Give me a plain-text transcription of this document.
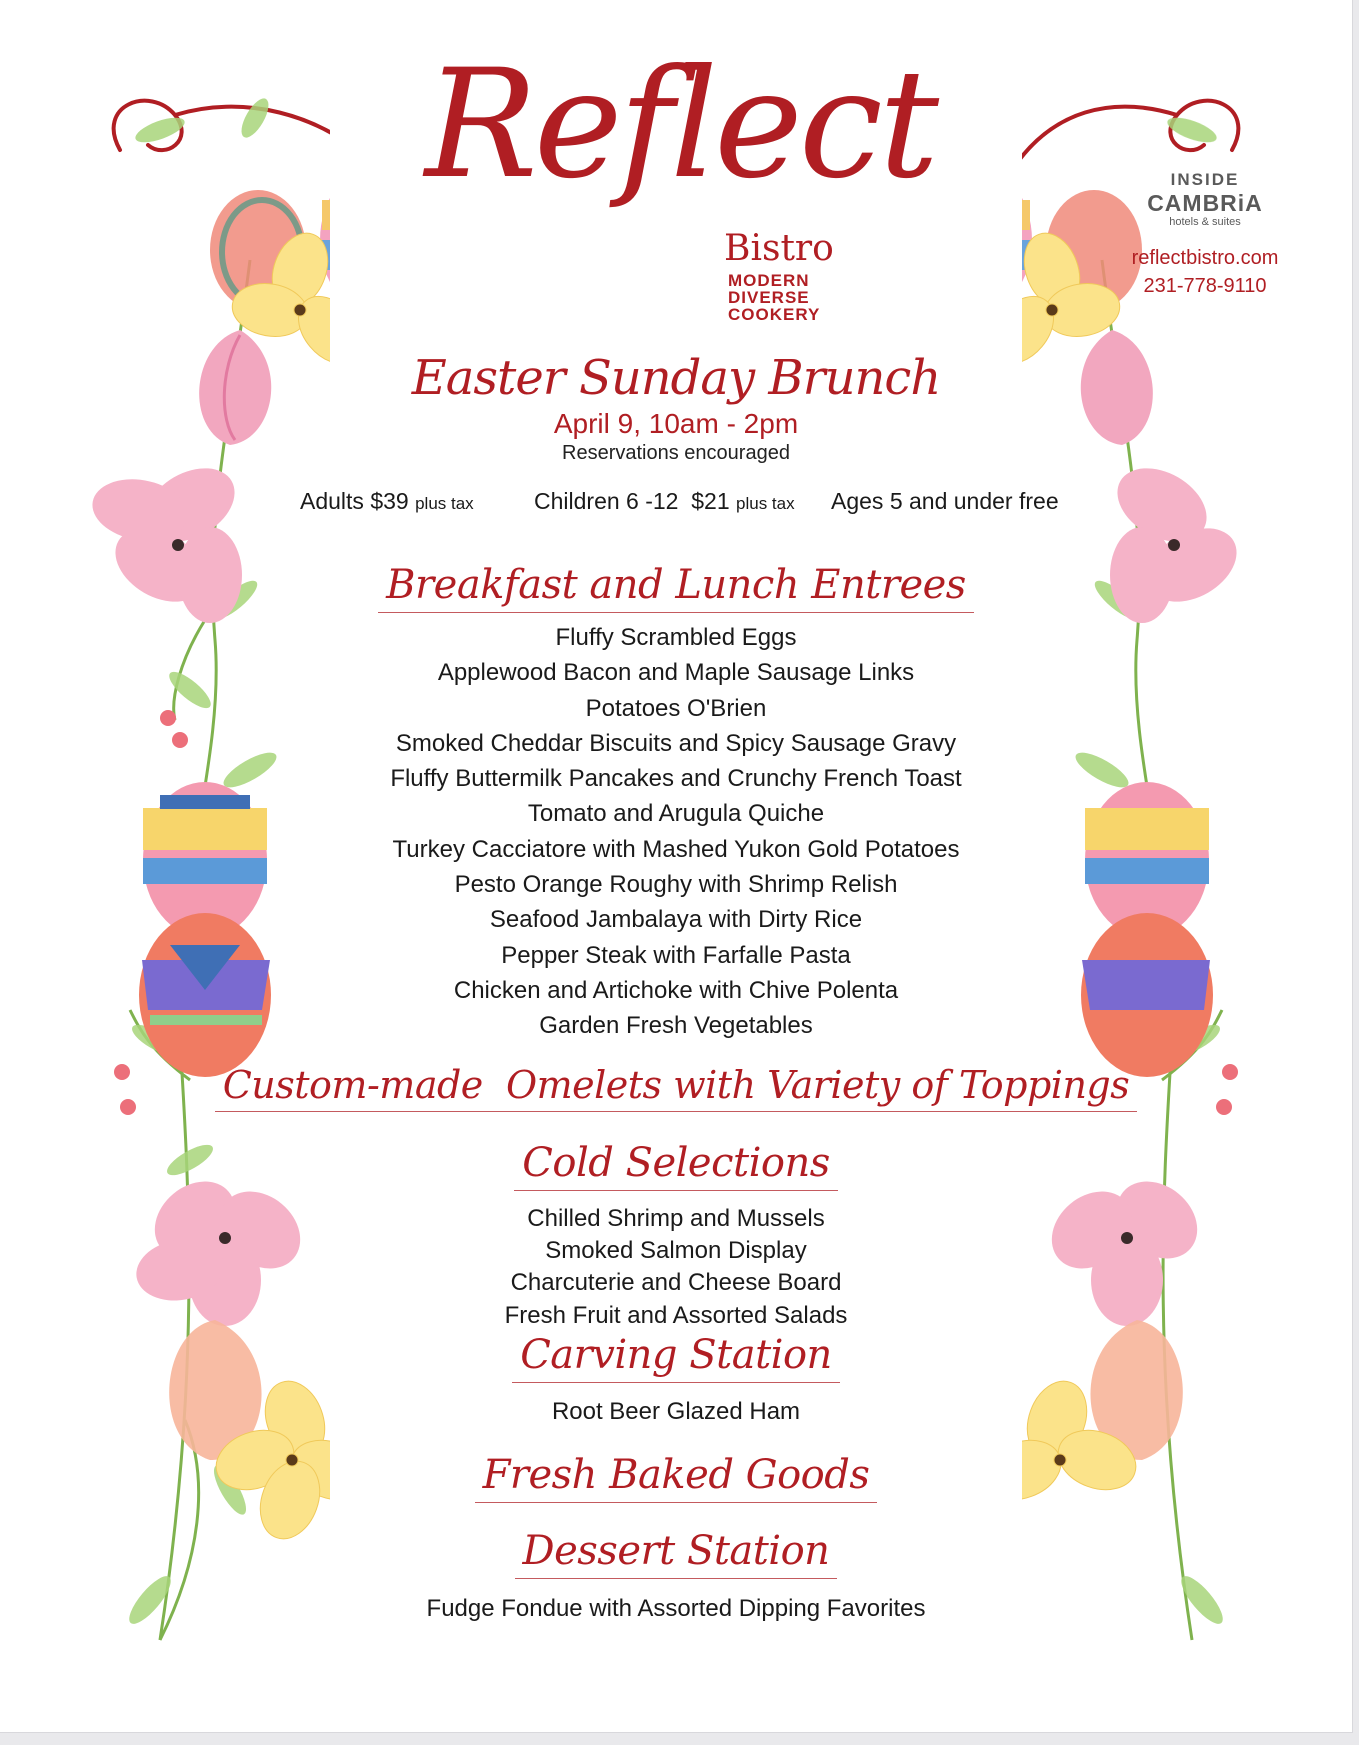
Reflect
Bistro
MODERN
DIVERSE
COOKERY
INSIDE
CAMBRiA
hotels & suites
reflectbistro.com
231-778-9110
Easter Sunday Brunch
April 9, 10am - 2pm
Reservations encouraged
Adults $39 plus tax	Children 6 -12  $21 plus tax Ages 5 and under free
Breakfast and Lunch Entrees
Fluffy Scrambled Eggs
Applewood Bacon and Maple Sausage Links
Potatoes O'Brien
Smoked Cheddar Biscuits and Spicy Sausage Gravy
Fluffy Buttermilk Pancakes and Crunchy French Toast
Tomato and Arugula Quiche
Turkey Cacciatore with Mashed Yukon Gold Potatoes
Pesto Orange Roughy with Shrimp Relish
Seafood Jambalaya with Dirty Rice
Pepper Steak with Farfalle Pasta
Chicken and Artichoke with Chive Polenta
Garden Fresh Vegetables
Custom-made  Omelets with Variety of Toppings
Cold Selections
Chilled Shrimp and Mussels
Smoked Salmon Display
Charcuterie and Cheese Board
Fresh Fruit and Assorted Salads
Carving Station
Root Beer Glazed Ham
Fresh Baked Goods
Dessert Station
Fudge Fondue with Assorted Dipping Favorites
